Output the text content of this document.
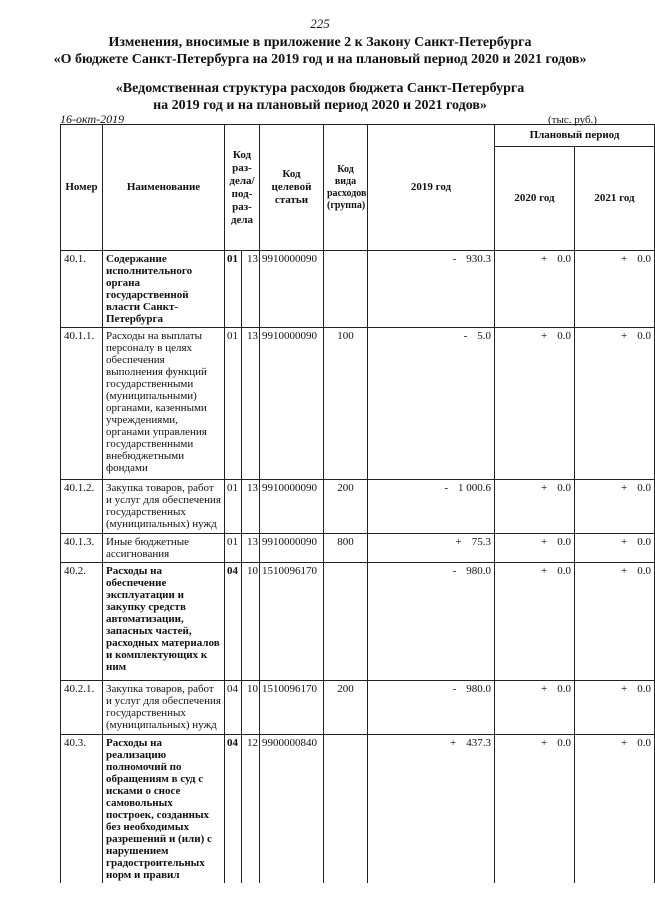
225
Изменения, вносимые в приложение 2 к Закону Санкт-Петербурга
«О бюджете Санкт-Петербурга на 2019 год и на плановый период 2020 и 2021 годов»
«Ведомственная структура расходов бюджета Санкт-Петербурга
на 2019 год и на плановый период 2020 и 2021 годов»
16-окт-2019	(тыс. руб.)
Номер	Наименование	Код раз-дела/ под-раз-дела		Код целевой статьи	Код вида расходов (группа)	2019 год	Плановый период	
							2020 год	2021 год
40.1.	Содержание исполнительного органа государственной власти Санкт-Петербурга	01	13	9910000090		- 930.3	+ 0.0	+ 0.0
40.1.1.	Расходы на выплаты персоналу в целях обеспечения выполнения функций государственными (муниципальными) органами, казенными учреждениями, органами управления государственными внебюджетными фондами	01	13	9910000090	100	- 5.0	+ 0.0	+ 0.0
40.1.2.	Закупка товаров, работ и услуг для обеспечения государственных (муниципальных) нужд	01	13	9910000090	200	- 1 000.6	+ 0.0	+ 0.0
40.1.3.	Иные бюджетные ассигнования	01	13	9910000090	800	+ 75.3	+ 0.0	+ 0.0
40.2.	Расходы на обеспечение эксплуатации и закупку средств автоматизации, запасных частей, расходных материалов и комплектующих к ним	04	10	1510096170		- 980.0	+ 0.0	+ 0.0
40.2.1.	Закупка товаров, работ и услуг для обеспечения государственных (муниципальных) нужд	04	10	1510096170	200	- 980.0	+ 0.0	+ 0.0
40.3.	Расходы на реализацию полномочий по обращениям в суд с исками о сносе самовольных построек, созданных без необходимых разрешений и (или) с нарушением градостроительных норм и правил	04	12	9900000840		+ 437.3	+ 0.0	+ 0.0
